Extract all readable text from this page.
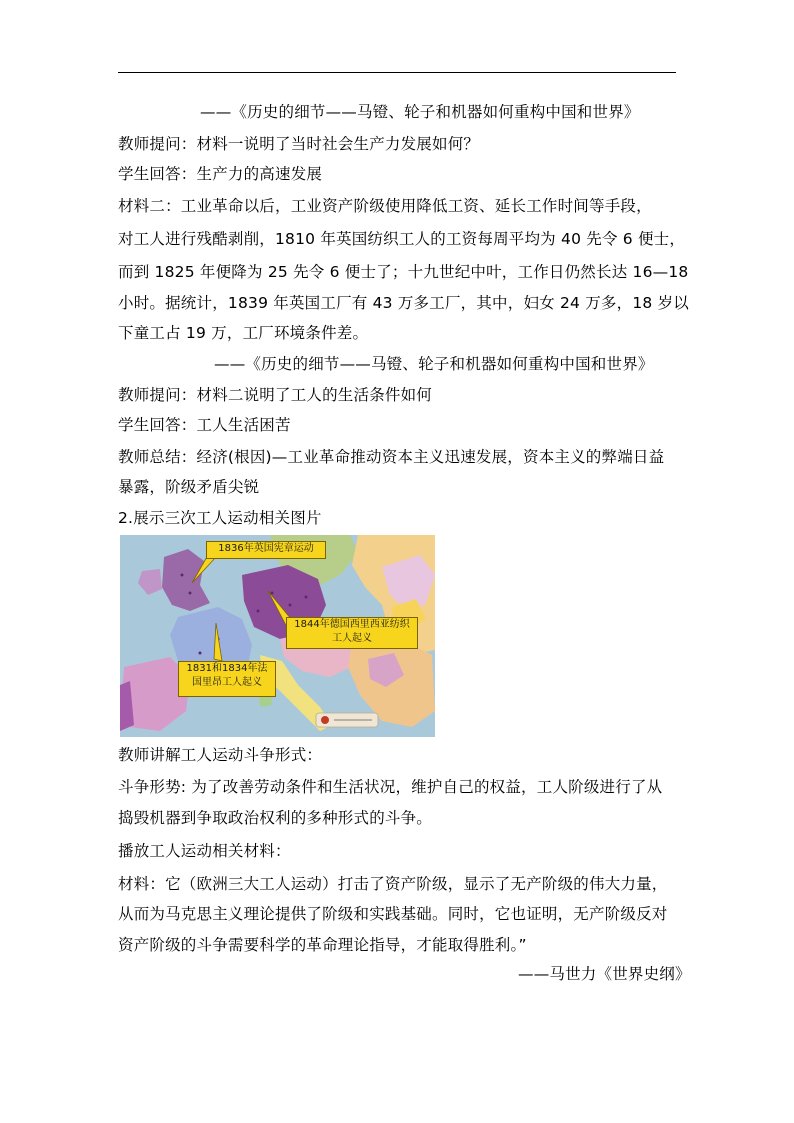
——《历史的细节——马镫、轮子和机器如何重构中国和世界》
教师提问：材料一说明了当时社会生产力发展如何？
学生回答：生产力的高速发展
材料二：工业革命以后，工业资产阶级使用降低工资、延长工作时间等手段，
对工人进行残酷剥削，1810 年英国纺织工人的工资每周平均为 40 先令 6 便士，
而到 1825 年便降为 25 先令 6 便士了；十九世纪中叶，工作日仍然长达 16—18
小时。据统计，1839 年英国工厂有 43 万多工厂，其中，妇女 24 万多，18 岁以
下童工占 19 万，工厂环境条件差。
——《历史的细节——马镫、轮子和机器如何重构中国和世界》
教师提问：材料二说明了工人的生活条件如何
学生回答：工人生活困苦
教师总结：经济(根因)—工业革命推动资本主义迅速发展，资本主义的弊端日益
暴露，阶级矛盾尖锐
2.展示三次工人运动相关图片
1836年英国宪章运动
1844年德国西里西亚纺织
工人起义
1831和1834年法
国里昂工人起义
教师讲解工人运动斗争形式：
斗争形势: 为了改善劳动条件和生活状况，维护自己的权益，工人阶级进行了从
捣毁机器到争取政治权利的多种形式的斗争。
播放工人运动相关材料：
材料：它（欧洲三大工人运动）打击了资产阶级，显示了无产阶级的伟大力量，
从而为马克思主义理论提供了阶级和实践基础。同时，它也证明，无产阶级反对
资产阶级的斗争需要科学的革命理论指导，才能取得胜利。”
——马世力《世界史纲》
